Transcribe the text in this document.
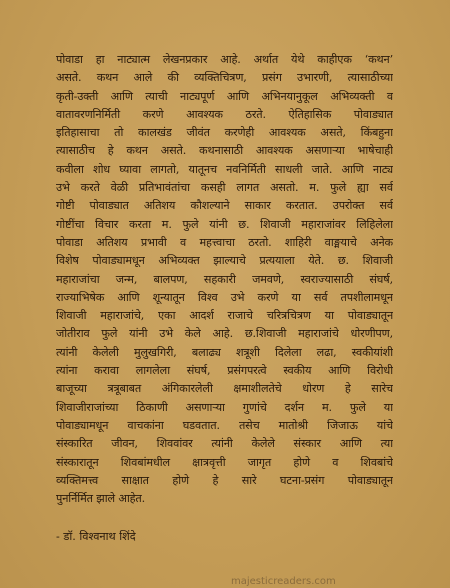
पोवाडा हा नाट्यात्म लेखनप्रकार आहे. अर्थात येथे काहीएक ‘कथन’
असते. कथन आले की व्यक्तिचित्रण, प्रसंग उभारणी, त्यासाठीच्या
कृती-उक्ती आणि त्याची नाट्यपूर्ण आणि अभिनयानुकूल अभिव्यक्ती व
वातावरणनिर्मिती करणे आवश्यक ठरते. ऐतिहासिक पोवाड्यात
इतिहासाचा तो कालखंड जीवंत करणेही आवश्यक असते, किंबहुना
त्यासाठीच हे कथन असते. कथनासाठी आवश्यक असणाऱ्या भाषेचाही
कवीला शोध घ्यावा लागतो, यातूनच नवनिर्मिती साधली जाते. आणि नाट्य
उभे करते वेळी प्रतिभावंतांचा कसही लागत असतो. म. फुले ह्या सर्व
गोष्टी पोवाड्यात अतिशय कौशल्याने साकार करतात. उपरोक्त सर्व
गोष्टींचा विचार करता म. फुले यांनी छ. शिवाजी महाराजांवर लिहिलेला
पोवाडा अतिशय प्रभावी व महत्त्वाचा ठरतो. शाहिरी वाङ्मयाचे अनेक
विशेष पोवाड्यामधून अभिव्यक्त झाल्याचे प्रत्ययाला येते. छ. शिवाजी
महाराजांचा जन्म, बालपण, सहकारी जमवणे, स्वराज्यासाठी संघर्ष,
राज्याभिषेक आणि शून्यातून विश्व उभे करणे या सर्व तपशीलामधून
शिवाजी महाराजांचे, एका आदर्श राजाचे चरित्रचित्रण या पोवाड्यातून
जोतीराव फुले यांनी उभे केले आहे. छ.शिवाजी महाराजांचे धोरणीपण,
त्यांनी केलेली मुलुखगिरी, बलाढ्य शत्रूशी दिलेला लढा, स्वकीयांशी
त्यांना करावा लागलेला संघर्ष, प्रसंगपरत्वे स्वकीय आणि विरोधी
बाजूच्या त्रत्रूबाबत अंगिकारलेली क्षमाशीलतेचे धोरण हे सारेच
शिवाजीराजांच्या ठिकाणी असणाऱ्या गुणांचे दर्शन म. फुले या
पोवाड्यामधून वाचकांना घडवतात. तसेच मातोश्री जिजाऊ यांचे
संस्कारित जीवन, शिववांवर त्यांनी केलेले संस्कार आणि त्या
संस्कारातून शिवबांमधील क्षात्रवृत्ती जागृत होणे व शिवबांचे
व्यक्तिमत्त्व साक्षात होणे हे सारे घटना-प्रसंग पोवाड्यातून
पुनर्निर्मित झाले आहेत.
- डॉ. विश्वनाथ शिंदे
majesticreaders.com
